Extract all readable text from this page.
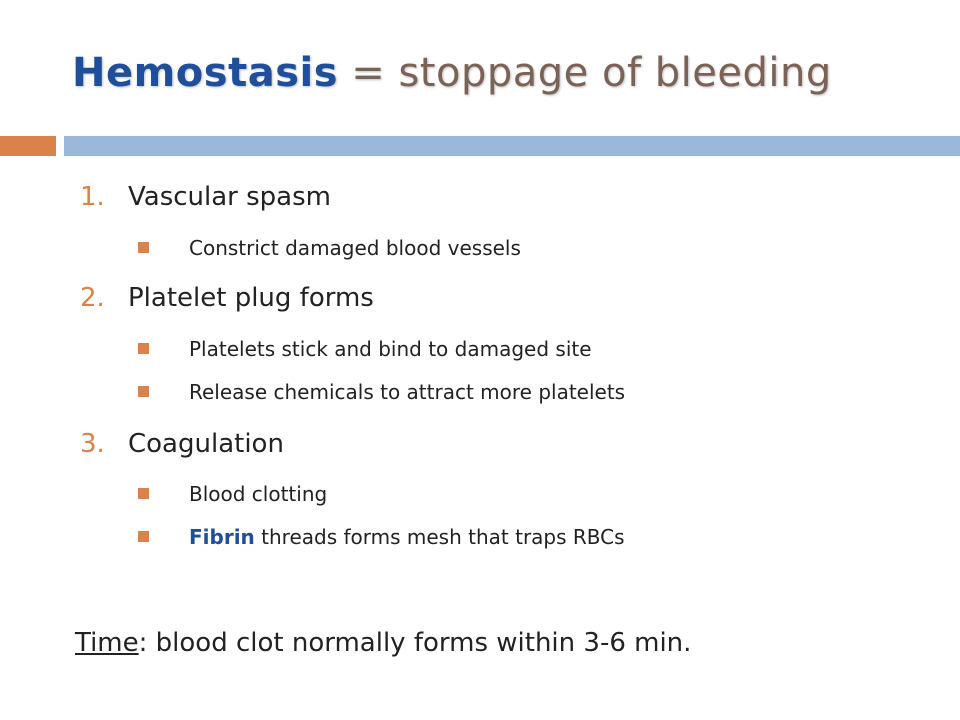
Hemostasis = stoppage of bleeding
1. Vascular spasm
Constrict damaged blood vessels
2. Platelet plug forms
Platelets stick and bind to damaged site
Release chemicals to attract more platelets
3. Coagulation
Blood clotting
Fibrin threads forms mesh that traps RBCs
Time: blood clot normally forms within 3-6 min.
